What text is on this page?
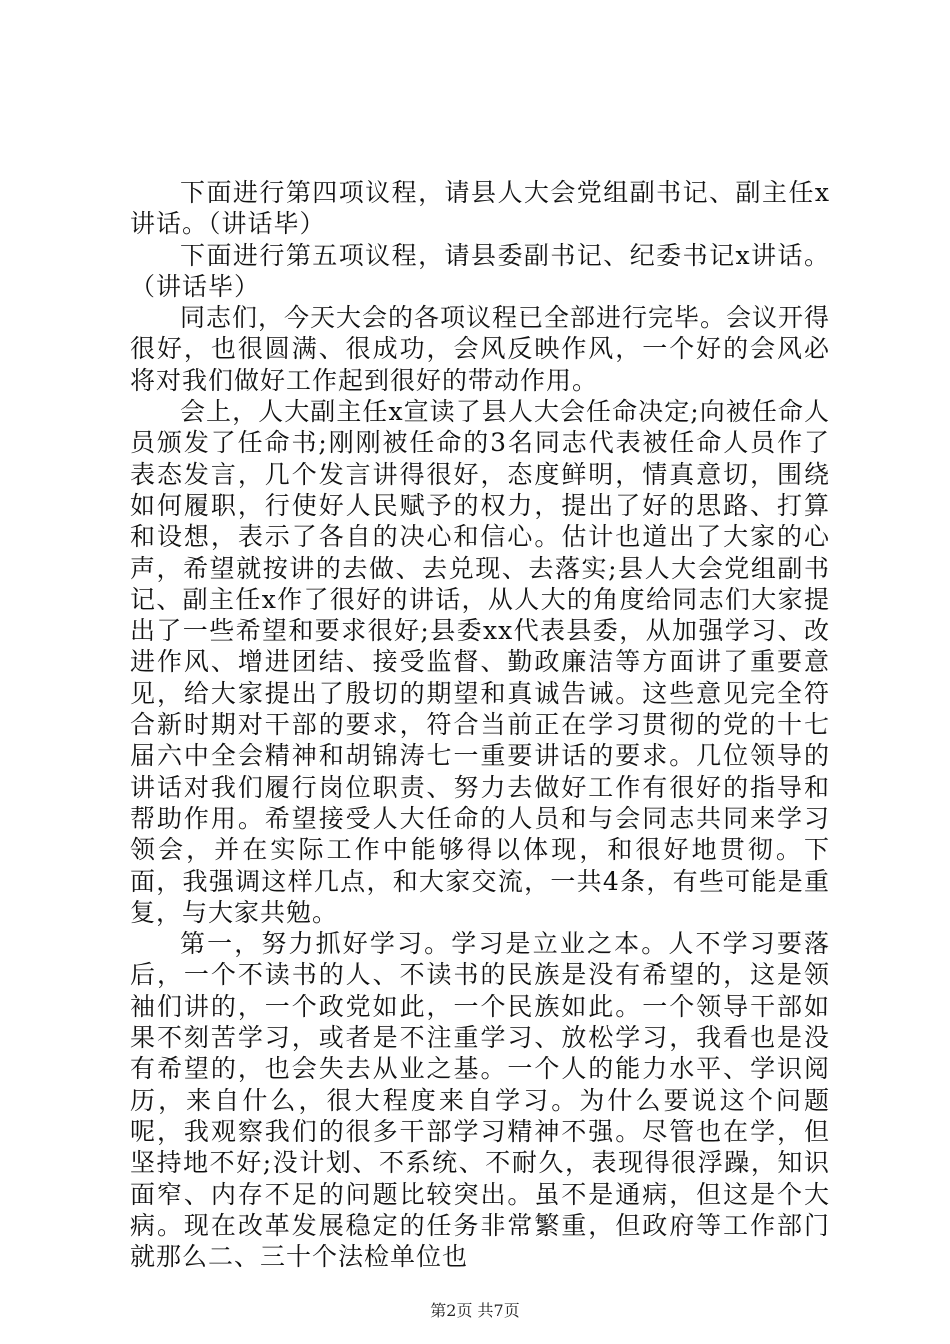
下面进行第四项议程，请县人大会党组副书记、副主任x讲话。（讲话毕）

下面进行第五项议程，请县委副书记、纪委书记x讲话。（讲话毕）

同志们，今天大会的各项议程已全部进行完毕。会议开得很好，也很圆满、很成功，会风反映作风，一个好的会风必将对我们做好工作起到很好的带动作用。

会上，人大副主任x宣读了县人大会任命决定;向被任命人员颁发了任命书;刚刚被任命的3名同志代表被任命人员作了表态发言，几个发言讲得很好，态度鲜明，情真意切，围绕如何履职，行使好人民赋予的权力，提出了好的思路、打算和设想，表示了各自的决心和信心。估计也道出了大家的心声，希望就按讲的去做、去兑现、去落实;县人大会党组副书记、副主任x作了很好的讲话，从人大的角度给同志们大家提出了一些希望和要求很好;县委xx代表县委，从加强学习、改进作风、增进团结、接受监督、勤政廉洁等方面讲了重要意见，给大家提出了殷切的期望和真诚告诫。这些意见完全符合新时期对干部的要求，符合当前正在学习贯彻的党的十七届六中全会精神和胡锦涛七一重要讲话的要求。几位领导的讲话对我们履行岗位职责、努力去做好工作有很好的指导和帮助作用。希望接受人大任命的人员和与会同志共同来学习领会，并在实际工作中能够得以体现，和很好地贯彻。下面，我强调这样几点，和大家交流，一共4条，有些可能是重复，与大家共勉。

第一，努力抓好学习。学习是立业之本。人不学习要落后，一个不读书的人、不读书的民族是没有希望的，这是领袖们讲的，一个政党如此，一个民族如此。一个领导干部如果不刻苦学习，或者是不注重学习、放松学习，我看也是没有希望的，也会失去从业之基。一个人的能力水平、学识阅历，来自什么，很大程度来自学习。为什么要说这个问题呢，我观察我们的很多干部学习精神不强。尽管也在学，但坚持地不好;没计划、不系统、不耐久，表现得很浮躁，知识面窄、内存不足的问题比较突出。虽不是通病，但这是个大病。现在改革发展稳定的任务非常繁重，但政府等工作部门就那么二、三十个法检单位也

第2页 共7页
